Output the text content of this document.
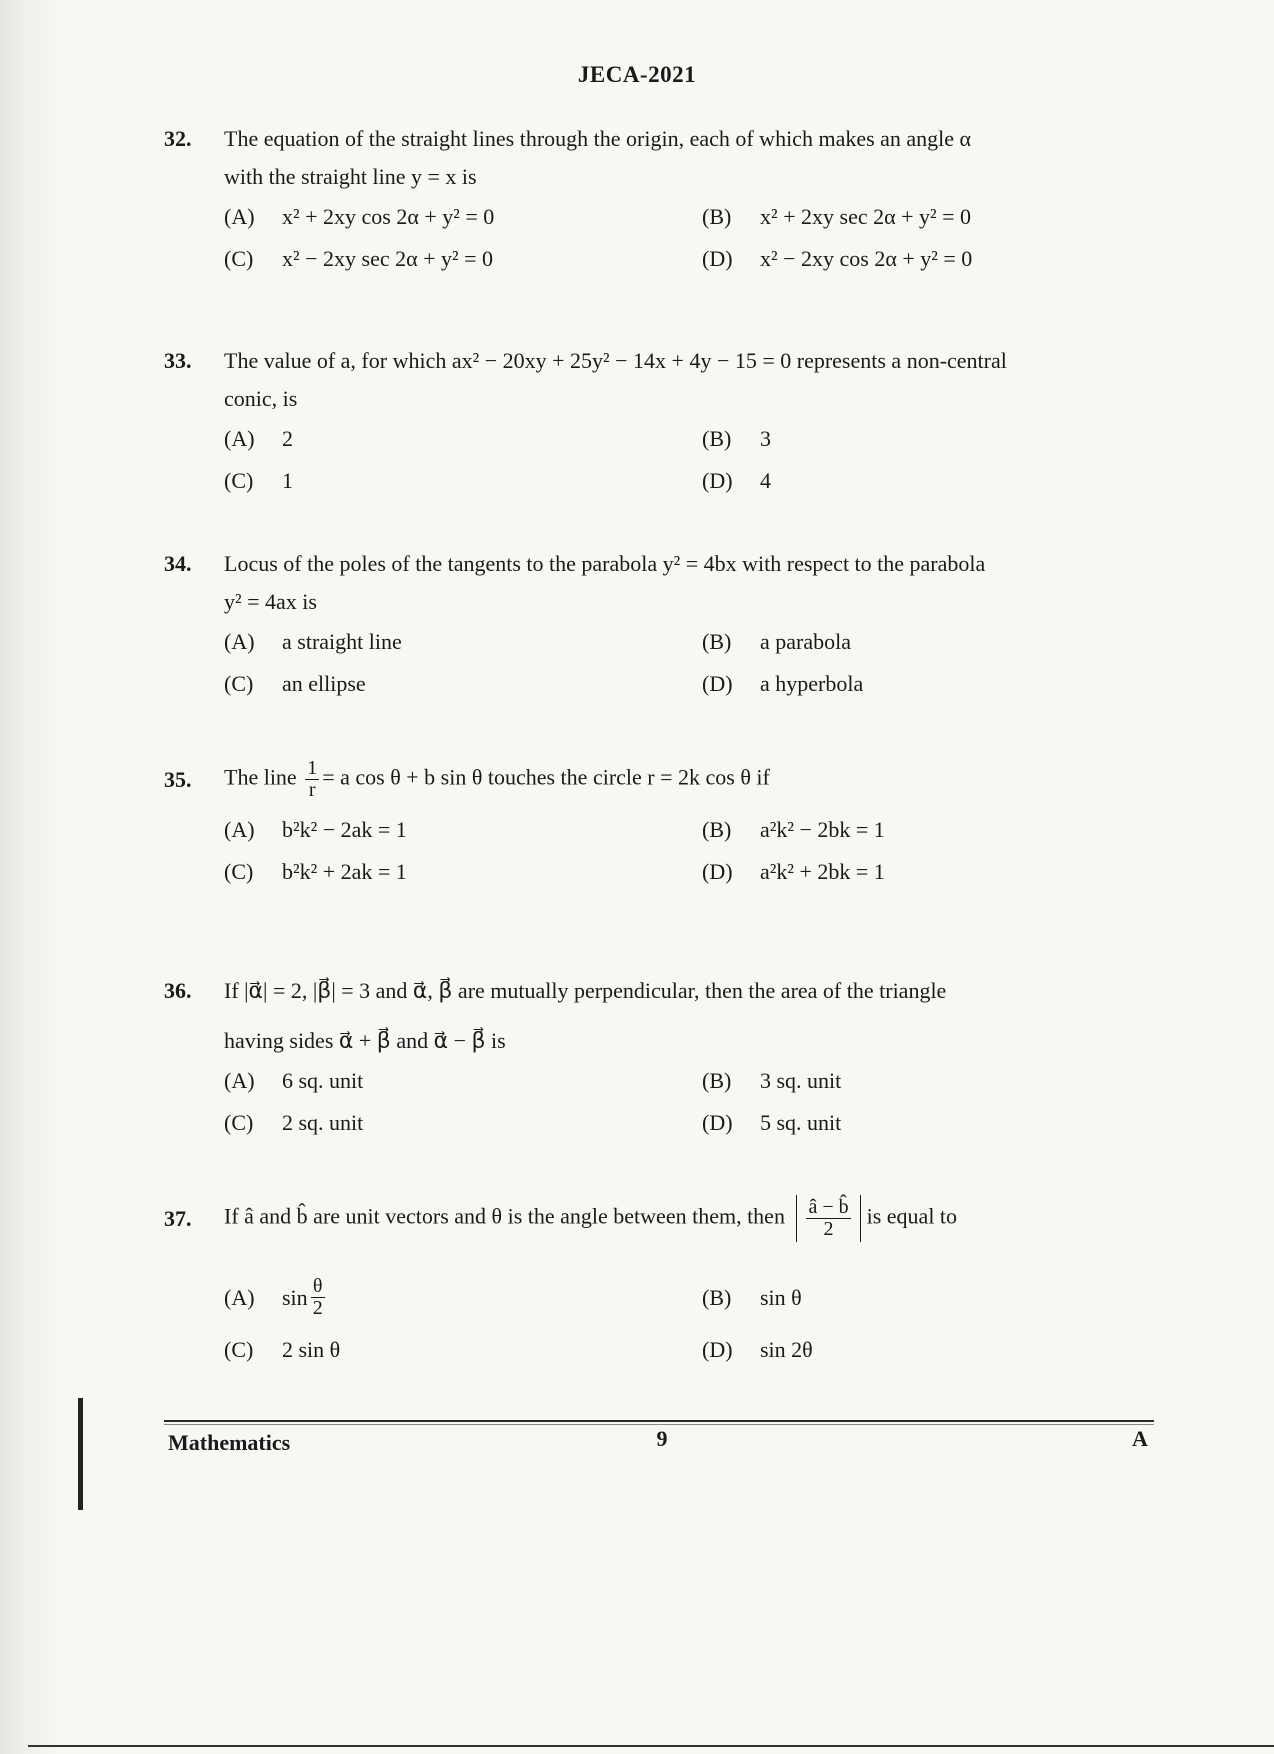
JECA-2021
32.	The equation of the straight lines through the origin, each of which makes an angle α
with the straight line y = x is
(A)	x² + 2xy cos 2α + y² = 0	(B)	x² + 2xy sec 2α + y² = 0
(C)	x² − 2xy sec 2α + y² = 0	(D)	x² − 2xy cos 2α + y² = 0
33.	The value of a, for which ax² − 20xy + 25y² − 14x + 4y − 15 = 0 represents a non-central
conic, is
(A)	2	(B)	3
(C)	1	(D)	4
34.	Locus of the poles of the tangents to the parabola y² = 4bx with respect to the parabola
y² = 4ax is
(A)	a straight line	(B)	a parabola
(C)	an ellipse	(D)	a hyperbola
35.	The line $\frac{1}{r} = a$ cos θ + b sin θ touches the circle r = 2k cos θ if
(A)	b²k² − 2ak = 1	(B)	a²k² − 2bk = 1
(C)	b²k² + 2ak = 1	(D)	a²k² + 2bk = 1
36.	If |α⃗| = 2, |β⃗| = 3 and α⃗, β⃗ are mutually perpendicular, then the area of the triangle
having sides α⃗ + β⃗ and α⃗ − β⃗ is
(A)	6 sq. unit	(B)	3 sq. unit
(C)	2 sq. unit	(D)	5 sq. unit
37.	If â and b̂ are unit vectors and θ is the angle between them, then $\frac{â - b̂}{2}$ is equal to
(A)	$\sin \frac{\theta}{2}$	(B)	sin θ
(C)	2 sin θ	(D)	sin 2θ
Mathematics	9	A
